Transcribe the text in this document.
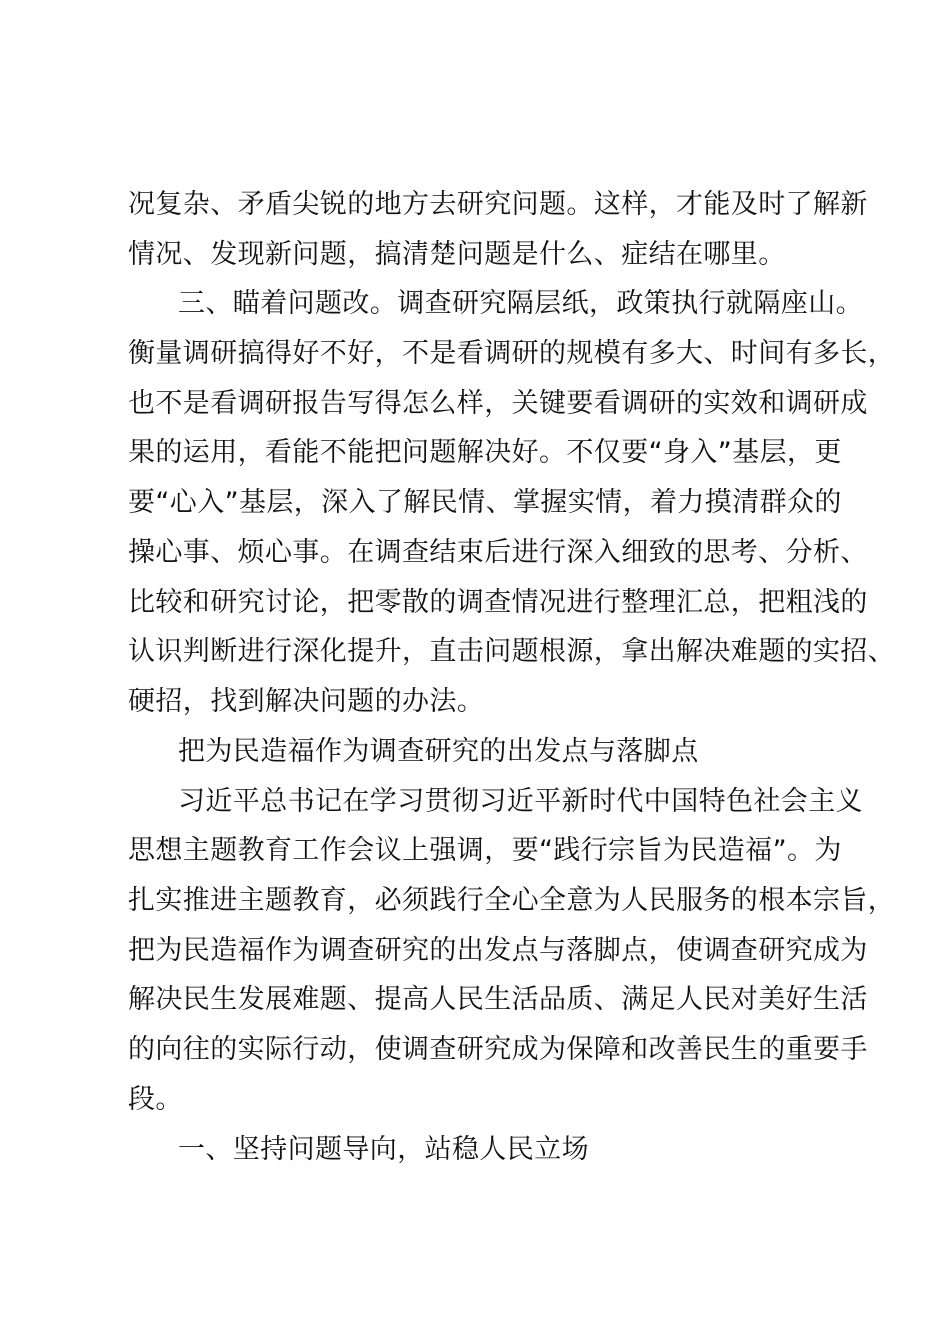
况复杂、矛盾尖锐的地方去研究问题。这样，才能及时了解新
情况、发现新问题，搞清楚问题是什么、症结在哪里。
三、瞄着问题改。调查研究隔层纸，政策执行就隔座山。
衡量调研搞得好不好，不是看调研的规模有多大、时间有多长，
也不是看调研报告写得怎么样，关键要看调研的实效和调研成
果的运用，看能不能把问题解决好。不仅要“身入”基层，更
要“心入”基层，深入了解民情、掌握实情，着力摸清群众的
操心事、烦心事。在调查结束后进行深入细致的思考、分析、
比较和研究讨论，把零散的调查情况进行整理汇总，把粗浅的
认识判断进行深化提升，直击问题根源，拿出解决难题的实招、
硬招，找到解决问题的办法。
把为民造福作为调查研究的出发点与落脚点
习近平总书记在学习贯彻习近平新时代中国特色社会主义
思想主题教育工作会议上强调，要“践行宗旨为民造福”。为
扎实推进主题教育，必须践行全心全意为人民服务的根本宗旨，
把为民造福作为调查研究的出发点与落脚点，使调查研究成为
解决民生发展难题、提高人民生活品质、满足人民对美好生活
的向往的实际行动，使调查研究成为保障和改善民生的重要手
段。
一、坚持问题导向，站稳人民立场
